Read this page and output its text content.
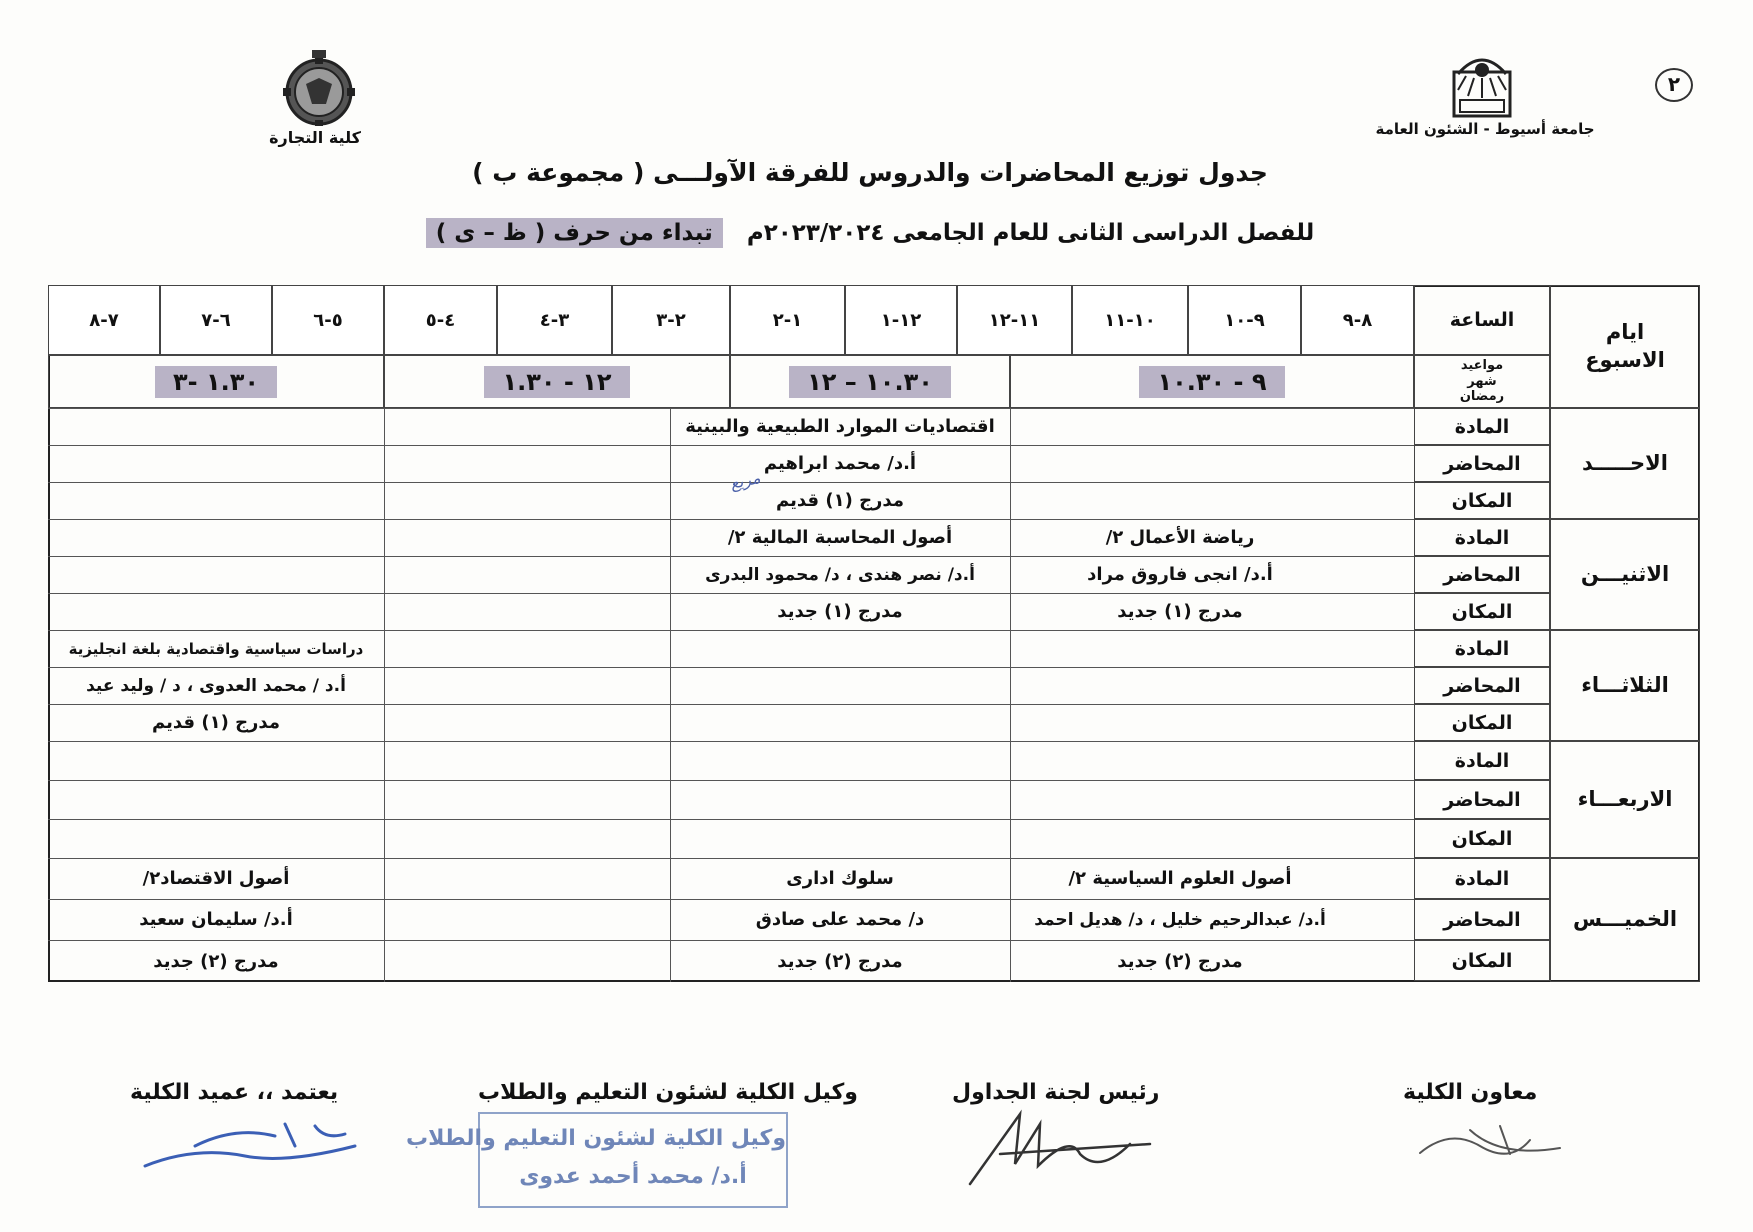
٢
جامعة أسيوط - الشئون العامة
كلية التجارة
جدول توزيع المحاضرات والدروس للفرقة الآولـــى ( مجموعة ب )
للفصل الدراسى الثانى للعام الجامعى ٢٠٢٣/٢٠٢٤م   تبداء من حرف ( ظ – ى )
ايام الاسبوع
الساعة
مواعيد شهر رمضان
٨-٩
٩-١٠
١٠-١١
١١-١٢
١٢-١
١-٢
٢-٣
٣-٤
٤-٥
٥-٦
٦-٧
٧-٨
٩ - ١٠.٣٠
١٠.٣٠ – ١٢
١٢ - ١.٣٠
١.٣٠ -٣
الاحـــــد
الاثنيـــن
الثلاثـــاء
الاربعـــاء
الخميـــس
المادة
المحاضر
المكان
المادة
المحاضر
المكان
المادة
المحاضر
المكان
المادة
المحاضر
المكان
المادة
المحاضر
المكان
اقتصاديات الموارد الطبيعية والبينية
أ.د/ محمد ابراهيم
مدرج (١) قديم
مريع
رياضة الأعمال ٢/
أ.د/ انجى فاروق مراد
مدرج (١) جديد
أصول المحاسبة المالية ٢/
أ.د/ نصر هندى ، د/ محمود البدرى
مدرج (١) جديد
دراسات سياسية واقتصادية بلغة انجليزية
أ.د / محمد العدوى ، د / وليد عيد
مدرج (١) قديم
أصول العلوم السياسية ٢/
أ.د/ عبدالرحيم خليل ، د/ هديل احمد
مدرج (٢) جديد
سلوك ادارى
د/ محمد على صادق
مدرج (٢) جديد
أصول الاقتصاد٢/
أ.د/ سليمان سعيد
مدرج (٢) جديد
معاون الكلية
رئيس لجنة الجداول
وكيل الكلية لشئون التعليم والطلاب
يعتمد ،، عميد الكلية
وكيل الكلية لشئون التعليم والطلاب
أ.د/ محمد أحمد عدوى
